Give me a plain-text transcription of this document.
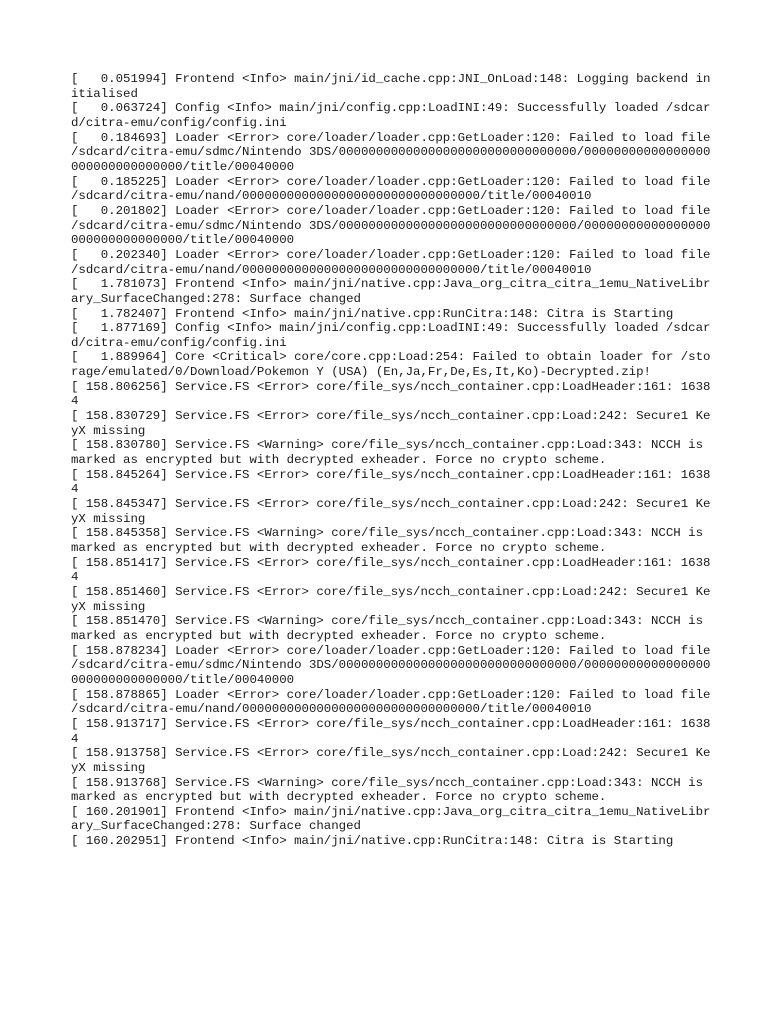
[   0.051994] Frontend <Info> main/jni/id_cache.cpp:JNI_OnLoad:148: Logging backend initialised
[   0.063724] Config <Info> main/jni/config.cpp:LoadINI:49: Successfully loaded /sdcard/citra-emu/config/config.ini
[   0.184693] Loader <Error> core/loader/loader.cpp:GetLoader:120: Failed to load file /sdcard/citra-emu/sdmc/Nintendo 3DS/00000000000000000000000000000000/00000000000000000000000000000000/title/00040000
[   0.185225] Loader <Error> core/loader/loader.cpp:GetLoader:120: Failed to load file /sdcard/citra-emu/nand/00000000000000000000000000000000/title/00040010
[   0.201802] Loader <Error> core/loader/loader.cpp:GetLoader:120: Failed to load file /sdcard/citra-emu/sdmc/Nintendo 3DS/00000000000000000000000000000000/00000000000000000000000000000000/title/00040000
[   0.202340] Loader <Error> core/loader/loader.cpp:GetLoader:120: Failed to load file /sdcard/citra-emu/nand/00000000000000000000000000000000/title/00040010
[   1.781073] Frontend <Info> main/jni/native.cpp:Java_org_citra_citra_1emu_NativeLibrary_SurfaceChanged:278: Surface changed
[   1.782407] Frontend <Info> main/jni/native.cpp:RunCitra:148: Citra is Starting
[   1.877169] Config <Info> main/jni/config.cpp:LoadINI:49: Successfully loaded /sdcard/citra-emu/config/config.ini
[   1.889964] Core <Critical> core/core.cpp:Load:254: Failed to obtain loader for /storage/emulated/0/Download/Pokemon Y (USA) (En,Ja,Fr,De,Es,It,Ko)-Decrypted.zip!
[ 158.806256] Service.FS <Error> core/file_sys/ncch_container.cpp:LoadHeader:161: 16384
[ 158.830729] Service.FS <Error> core/file_sys/ncch_container.cpp:Load:242: Secure1 KeyX missing
[ 158.830780] Service.FS <Warning> core/file_sys/ncch_container.cpp:Load:343: NCCH is marked as encrypted but with decrypted exheader. Force no crypto scheme.
[ 158.845264] Service.FS <Error> core/file_sys/ncch_container.cpp:LoadHeader:161: 16384
[ 158.845347] Service.FS <Error> core/file_sys/ncch_container.cpp:Load:242: Secure1 KeyX missing
[ 158.845358] Service.FS <Warning> core/file_sys/ncch_container.cpp:Load:343: NCCH is marked as encrypted but with decrypted exheader. Force no crypto scheme.
[ 158.851417] Service.FS <Error> core/file_sys/ncch_container.cpp:LoadHeader:161: 16384
[ 158.851460] Service.FS <Error> core/file_sys/ncch_container.cpp:Load:242: Secure1 KeyX missing
[ 158.851470] Service.FS <Warning> core/file_sys/ncch_container.cpp:Load:343: NCCH is marked as encrypted but with decrypted exheader. Force no crypto scheme.
[ 158.878234] Loader <Error> core/loader/loader.cpp:GetLoader:120: Failed to load file /sdcard/citra-emu/sdmc/Nintendo 3DS/00000000000000000000000000000000/00000000000000000000000000000000/title/00040000
[ 158.878865] Loader <Error> core/loader/loader.cpp:GetLoader:120: Failed to load file /sdcard/citra-emu/nand/00000000000000000000000000000000/title/00040010
[ 158.913717] Service.FS <Error> core/file_sys/ncch_container.cpp:LoadHeader:161: 16384
[ 158.913758] Service.FS <Error> core/file_sys/ncch_container.cpp:Load:242: Secure1 KeyX missing
[ 158.913768] Service.FS <Warning> core/file_sys/ncch_container.cpp:Load:343: NCCH is marked as encrypted but with decrypted exheader. Force no crypto scheme.
[ 160.201901] Frontend <Info> main/jni/native.cpp:Java_org_citra_citra_1emu_NativeLibrary_SurfaceChanged:278: Surface changed
[ 160.202951] Frontend <Info> main/jni/native.cpp:RunCitra:148: Citra is Starting
